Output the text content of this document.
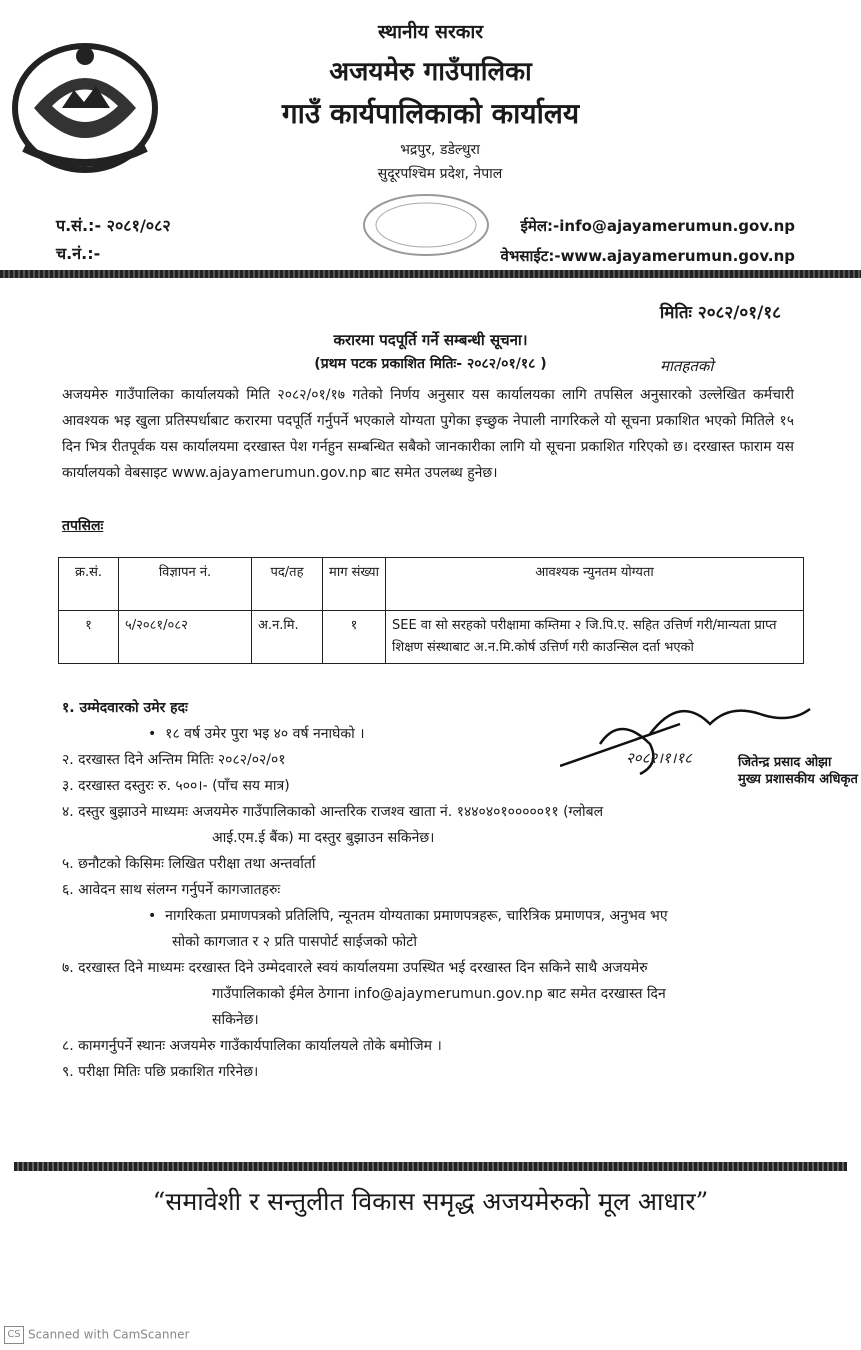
स्थानीय सरकार
अजयमेरु गाउँपालिका
गाउँ कार्यपालिकाको कार्यालय
भद्रपुर, डडेल्धुरा
सुदूरपश्चिम प्रदेश, नेपाल
प.सं.:- २०८१/०८२
च.नं.:-
ईमेल:-info@ajayamerumun.gov.np
वेभसाईट:-www.ajayamerumun.gov.np
मितिः २०८२/०१/१८
करारमा पदपूर्ति गर्ने सम्बन्धी सूचना।
(प्रथम पटक प्रकाशित मितिः- २०८२/०१/१८ )	मातहतको
अजयमेरु गाउँपालिका कार्यालयको मिति २०८२/०१/१७ गतेको निर्णय अनुसार यस कार्यालयका लागि तपसिल अनुसारको उल्लेखित कर्मचारी आवश्यक भइ खुला प्रतिस्पर्धाबाट करारमा पदपूर्ति गर्नुपर्ने भएकाले योग्यता पुगेका इच्छुक नेपाली नागरिकले यो सूचना प्रकाशित भएको मितिले १५ दिन भित्र रीतपूर्वक यस कार्यालयमा दरखास्त पेश गर्नहुन सम्बन्धित सबैको जानकारीका लागि यो सूचना प्रकाशित गरिएको छ। दरखास्त फाराम यस कार्यालयको वेबसाइट www.ajayamerumun.gov.np बाट समेत उपलब्ध हुनेछ।
तपसिलः
क्र.सं.	विज्ञापन नं.	पद/तह	माग संख्या	आवश्यक न्युनतम योग्यता
१	५/२०८१/०८२	अ.न.मि.	१	SEE वा सो सरहको परीक्षामा कम्तिमा २ जि.पि.ए. सहित उत्तिर्ण गरी/मान्यता प्राप्त शिक्षण संस्थाबाट अ.न.मि.कोर्ष उत्तिर्ण गरी काउन्सिल दर्ता भएको
१. उम्मेदवारको उमेर हदः
•  १८ वर्ष उमेर पुरा भइ ४० वर्ष ननाघेको ।
२. दरखास्त दिने अन्तिम मितिः २०८२/०२/०१
३. दरखास्त दस्तुरः रु. ५००।- (पाँच सय मात्र)
४. दस्तुर बुझाउने माध्यमः अजयमेरु गाउँपालिकाको आन्तरिक राजश्व खाता नं. १४४०४०१०००००११ (ग्लोबल
आई.एम.ई बैंक) मा दस्तुर बुझाउन सकिनेछ।
५. छनौटको किसिमः लिखित परीक्षा तथा अन्तर्वार्ता
६. आवेदन साथ संलग्न गर्नुपर्ने कागजातहरुः
•  नागरिकता प्रमाणपत्रको प्रतिलिपि, न्यूनतम योग्यताका प्रमाणपत्रहरू, चारित्रिक प्रमाणपत्र, अनुभव भए
सोको कागजात र २ प्रति पासपोर्ट साईजको फोटो
७. दरखास्त दिने माध्यमः दरखास्त दिने उम्मेदवारले स्वयं कार्यालयमा उपस्थित भई दरखास्त दिन सकिने साथै अजयमेरु
गाउँपालिकाको ईमेल ठेगाना info@ajaymerumun.gov.np बाट समेत दरखास्त दिन
सकिनेछ।
८. कामगर्नुपर्ने स्थानः अजयमेरु गाउँकार्यपालिका कार्यालयले तोके बमोजिम ।
९. परीक्षा मितिः पछि प्रकाशित गरिनेछ।
२०८२।१।१८	जितेन्द्र प्रसाद ओझा
मुख्य प्रशासकीय अधिकृत
“समावेशी र सन्तुलीत विकास समृद्ध अजयमेरुको मूल आधार”
CS Scanned with CamScanner
